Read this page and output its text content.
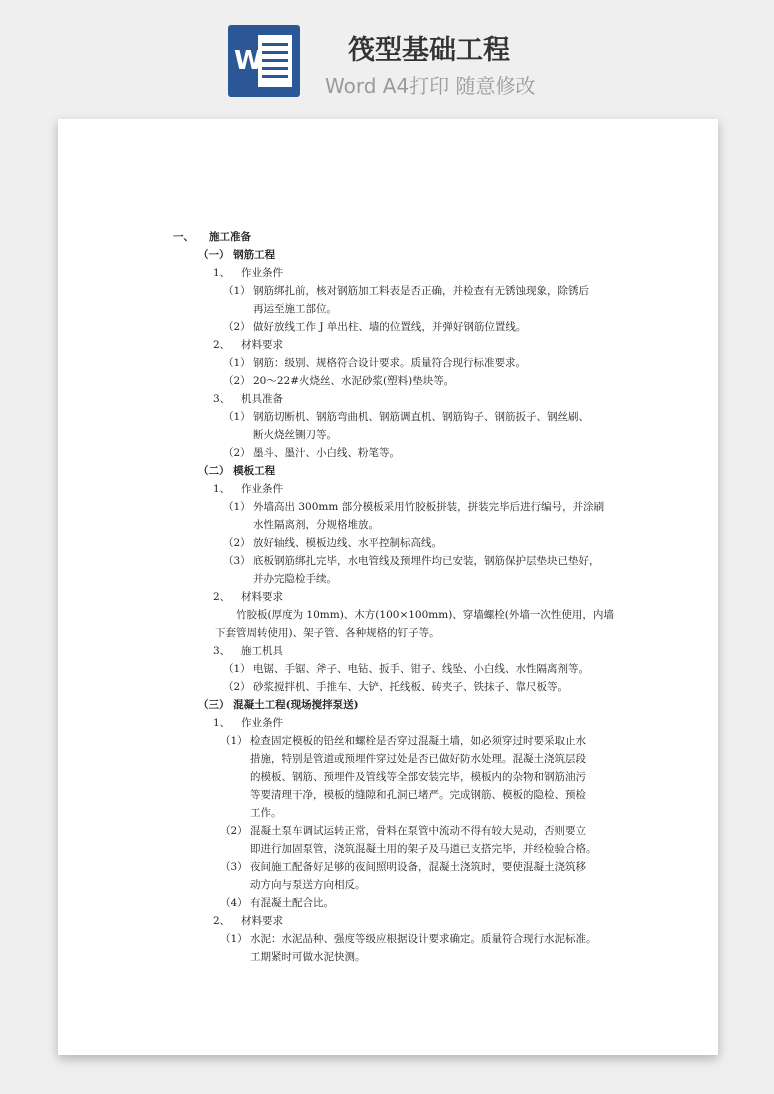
W	筏型基础工程
Word A4打印 随意修改
一、 施工准备
（一） 钢筋工程
1、 作业条件
（1） 钢筋绑扎前，核对钢筋加工料表是否正确，并检查有无锈蚀现象，除锈后
再运至施工部位。
（2） 做好放线工作 J 单出柱、墙的位置线，并弹好钢筋位置线。
2、 材料要求
（1） 钢筋：级别、规格符合设计要求。质量符合现行标准要求。
（2） 20～22#火烧丝、水泥砂浆(塑料)垫块等。
3、 机具准备
（1） 钢筋切断机、钢筋弯曲机、钢筋调直机、钢筋钩子、钢筋扳子、钢丝刷、
断火烧丝铡刀等。
（2） 墨斗、墨汁、小白线、粉笔等。
（二） 模板工程
1、 作业条件
（1） 外墙高出 300mm 部分模板采用竹胶板拼装，拼装完毕后进行编号，并涂刷
水性隔离剂，分规格堆放。
（2） 放好轴线、模板边线、水平控制标高线。
（3） 底板钢筋绑扎完毕，水电管线及预埋件均已安装，钢筋保护层垫块已垫好，
并办完隐检手续。
2、 材料要求
竹胶板(厚度为 10mm)、木方(100×100mm)、穿墙螺栓(外墙一次性使用，内墙
下套管周转使用)、架子管、各种规格的钉子等。
3、 施工机具
（1） 电锯、手锯、斧子、电钻、扳手、钳子、线坠、小白线、水性隔离剂等。
（2） 砂浆搅拌机、手推车、大铲、托线板、砖夹子、铁抹子、靠尺板等。
（三） 混凝土工程(现场搅拌泵送)
1、 作业条件
（1） 检查固定模板的铅丝和螺栓是否穿过混凝土墙，如必须穿过时要采取止水
措施，特别是管道或预埋件穿过处是否已做好防水处理。混凝土浇筑层段
的模板、钢筋、预埋件及管线等全部安装完毕，模板内的杂物和钢筋油污
等要清理干净，模板的缝隙和孔洞已堵严。完成钢筋、模板的隐检、预检
工作。
（2） 混凝土泵车调试运转正常，骨料在泵管中流动不得有较大晃动，否则要立
即进行加固泵管，浇筑混凝土用的架子及马道已支搭完毕，并经检验合格。
（3） 夜间施工配备好足够的夜间照明设备，混凝土浇筑时，要使混凝土浇筑移
动方向与泵送方向相反。
（4） 有混凝土配合比。
2、 材料要求
（1） 水泥：水泥品种、强度等级应根据设计要求确定。质量符合现行水泥标准。
工期紧时可做水泥快测。
